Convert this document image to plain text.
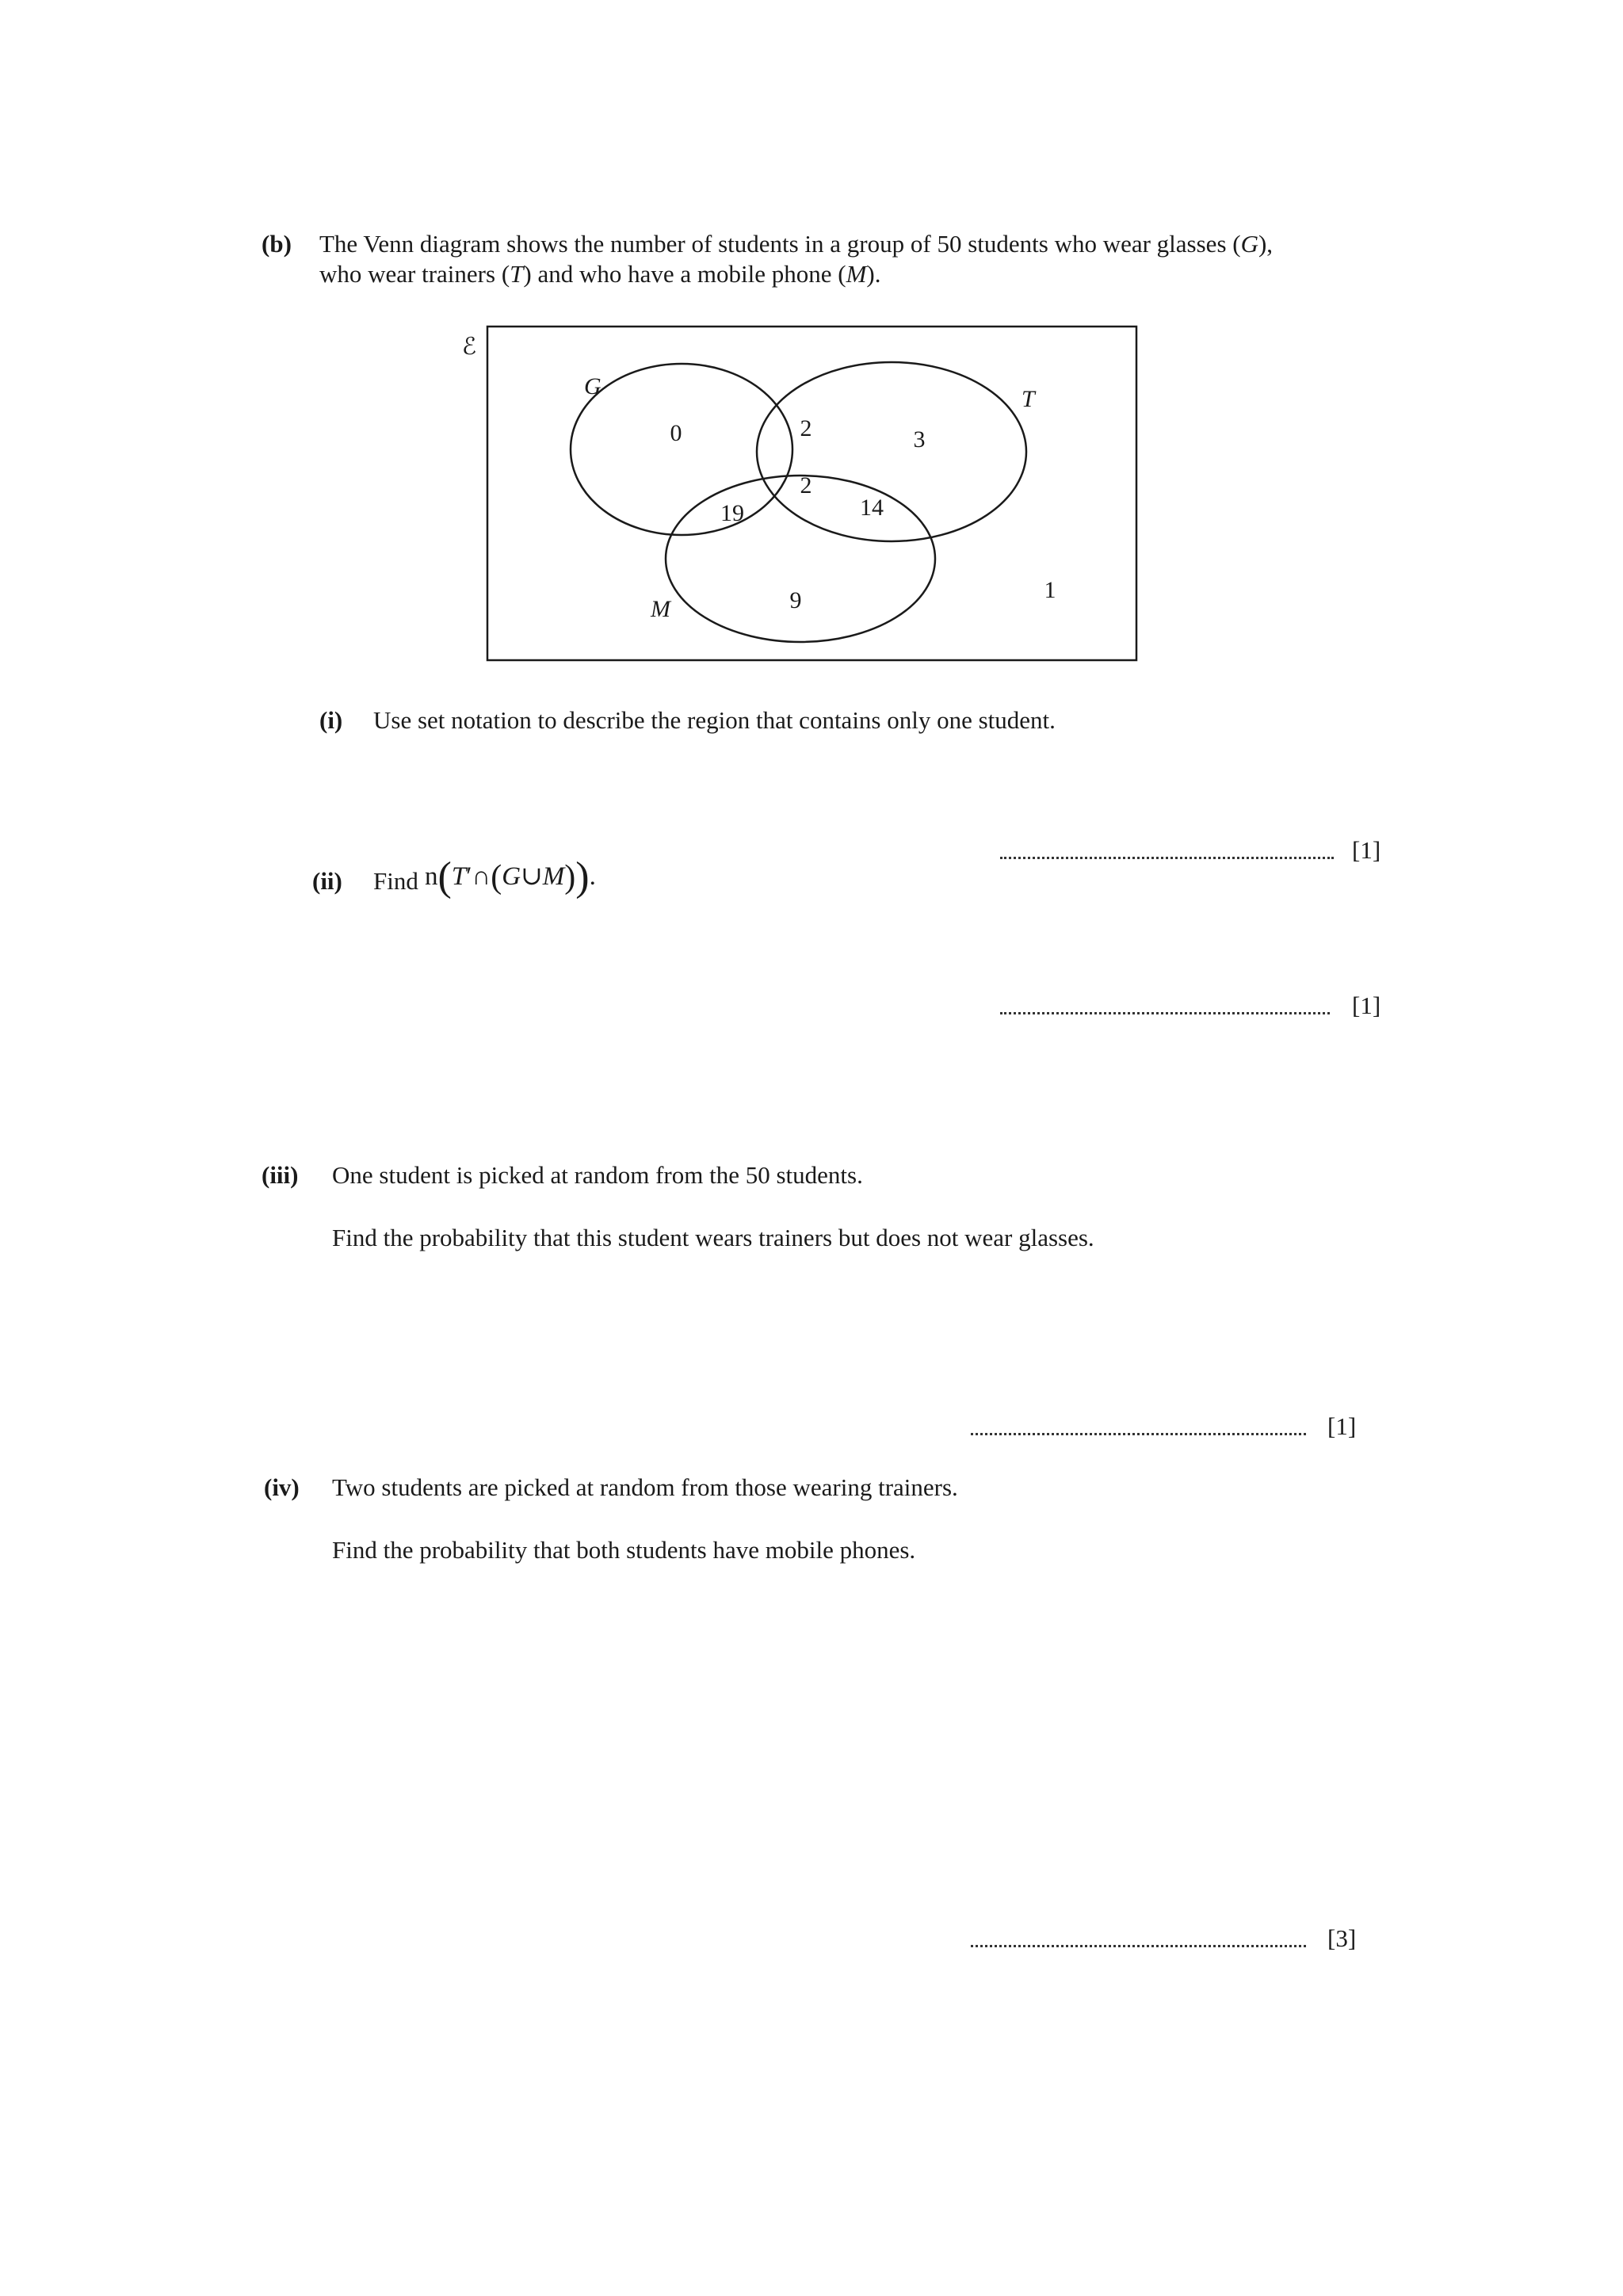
(b) The Venn diagram shows the number of students in a group of 50 students who wear glasses (G),
who wear trainers (T) and who have a mobile phone (M).
ℰ
G	T
M
0	2	3
2
19	14
9	1
(i) Use set notation to describe the region that contains only one student.
[1]
(ii) Find n(T′∩(G∪M)).
[1]
(iii) One student is picked at random from the 50 students.
Find the probability that this student wears trainers but does not wear glasses.
[1]
(iv) Two students are picked at random from those wearing trainers.
Find the probability that both students have mobile phones.
[3]
